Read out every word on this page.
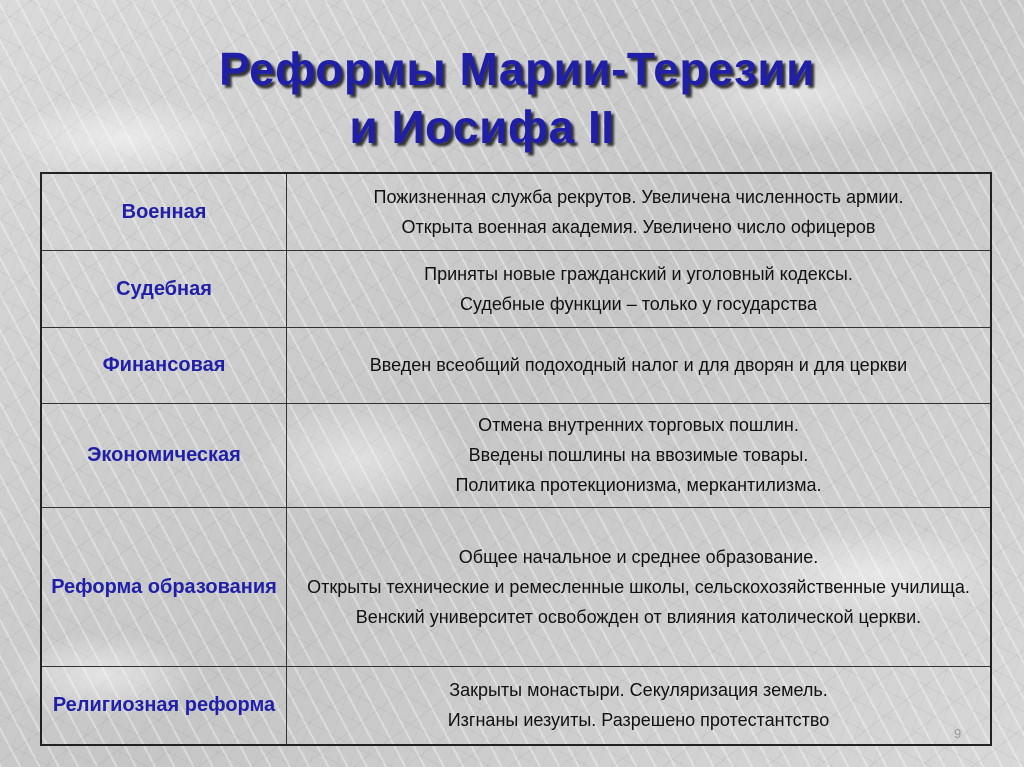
Реформы Марии-Терезии
и Иосифа II
Военная	Пожизненная служба рекрутов. Увеличена численность армии.
Открыта военная академия. Увеличено число офицеров

Судебная	Приняты новые гражданский и уголовный кодексы.
Судебные функции – только у государства

Финансовая	Введен всеобщий подоходный налог и для дворян и для церкви

Экономическая	Отмена внутренних торговых пошлин.
Введены пошлины на ввозимые товары.
Политика протекционизма, меркантилизма.

Реформа образования	Общее начальное и среднее образование.
Открыты технические и ремесленные школы, сельскохозяйственные училища.
Венский университет освобожден от влияния католической церкви.

Религиозная реформа	Закрыты монастыри. Секуляризация земель.
Изгнаны иезуиты. Разрешено протестантство
9
